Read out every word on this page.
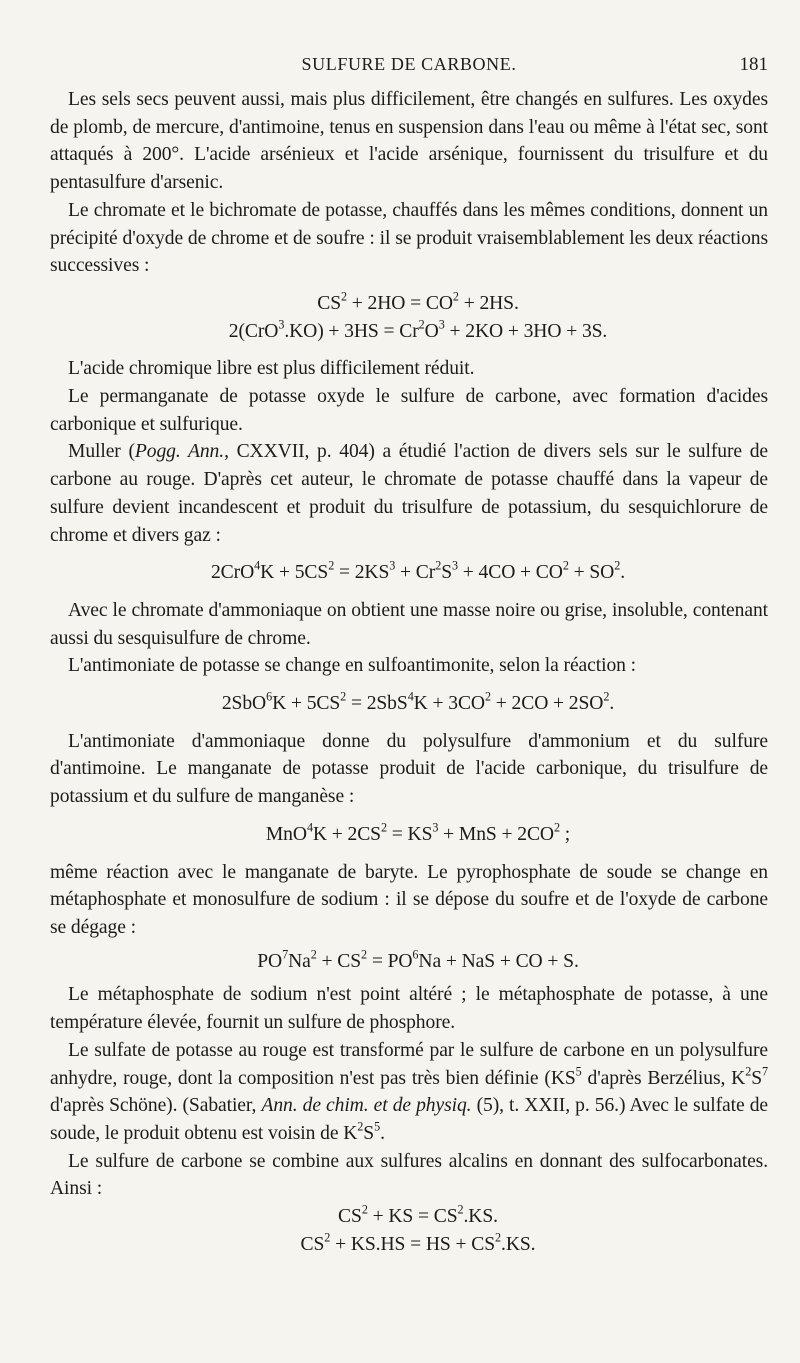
SULFURE DE CARBONE.	181

Les sels secs peuvent aussi, mais plus difficilement, être changés en sulfures. Les oxydes de plomb, de mercure, d'antimoine, tenus en suspension dans l'eau ou même à l'état sec, sont attaqués à 200°. L'acide arsénieux et l'acide arsénique, fournissent du trisulfure et du pentasulfure d'arsenic.

Le chromate et le bichromate de potasse, chauffés dans les mêmes conditions, donnent un précipité d'oxyde de chrome et de soufre : il se produit vraisemblablement les deux réactions successives :

$CS^2 + 2HO = CO^2 + 2HS$.

$2(CrO^3.KO) + 3HS = Cr^2O^3 + 2KO + 3HO + 3S$.

L'acide chromique libre est plus difficilement réduit.

Le permanganate de potasse oxyde le sulfure de carbone, avec formation d'acides carbonique et sulfurique.

Muller (Pogg. Ann., CXXVII, p. 404) a étudié l'action de divers sels sur le sulfure de carbone au rouge. D'après cet auteur, le chromate de potasse chauffé dans la vapeur de sulfure devient incandescent et produit du trisulfure de potassium, du sesquichlorure de chrome et divers gaz :

$2CrO^4K + 5CS^2 = 2KS^3 + Cr^2S^3 + 4CO + CO^2 + SO^2$.

Avec le chromate d'ammoniaque on obtient une masse noire ou grise, insoluble, contenant aussi du sesquisulfure de chrome.

L'antimoniate de potasse se change en sulfoantimonite, selon la réaction :

$2SbO^6K + 5CS^2 = 2SbS^4K + 3CO^2 + 2CO + 2SO^2$.

L'antimoniate d'ammoniaque donne du polysulfure d'ammonium et du sulfure d'antimoine. Le manganate de potasse produit de l'acide carbonique, du trisulfure de potassium et du sulfure de manganèse :

$MnO^4K + 2CS^2 = KS^3$ + MnS + $2CO^2$ ;

même réaction avec le manganate de baryte. Le pyrophosphate de soude se change en métaphosphate et monosulfure de sodium : il se dépose du soufre et de l'oxyde de carbone se dégage :

$PO^7Na^2 + CS^2 = PO^6Na$ + NaS + CO + S.

Le métaphosphate de sodium n'est point altéré ; le métaphosphate de potasse, à une température élevée, fournit un sulfure de phosphore.

Le sulfate de potasse au rouge est transformé par le sulfure de carbone en un polysulfure anhydre, rouge, dont la composition n'est pas très bien définie ($KS^5$ d'après Berzélius, $K^2S^7$ d'après Schöne). (Sabatier, Ann. de chim. et de physiq. (5), t. XXII, p. 56.) Avec le sulfate de soude, le produit obtenu est voisin de $K^2S^5$.

Le sulfure de carbone se combine aux sulfures alcalins en donnant des sulfocarbonates. Ainsi :

$CS^2$ + KS = $CS^2.KS$.

$CS^2 + KS.HS$ = HS + $CS^2.KS$.
